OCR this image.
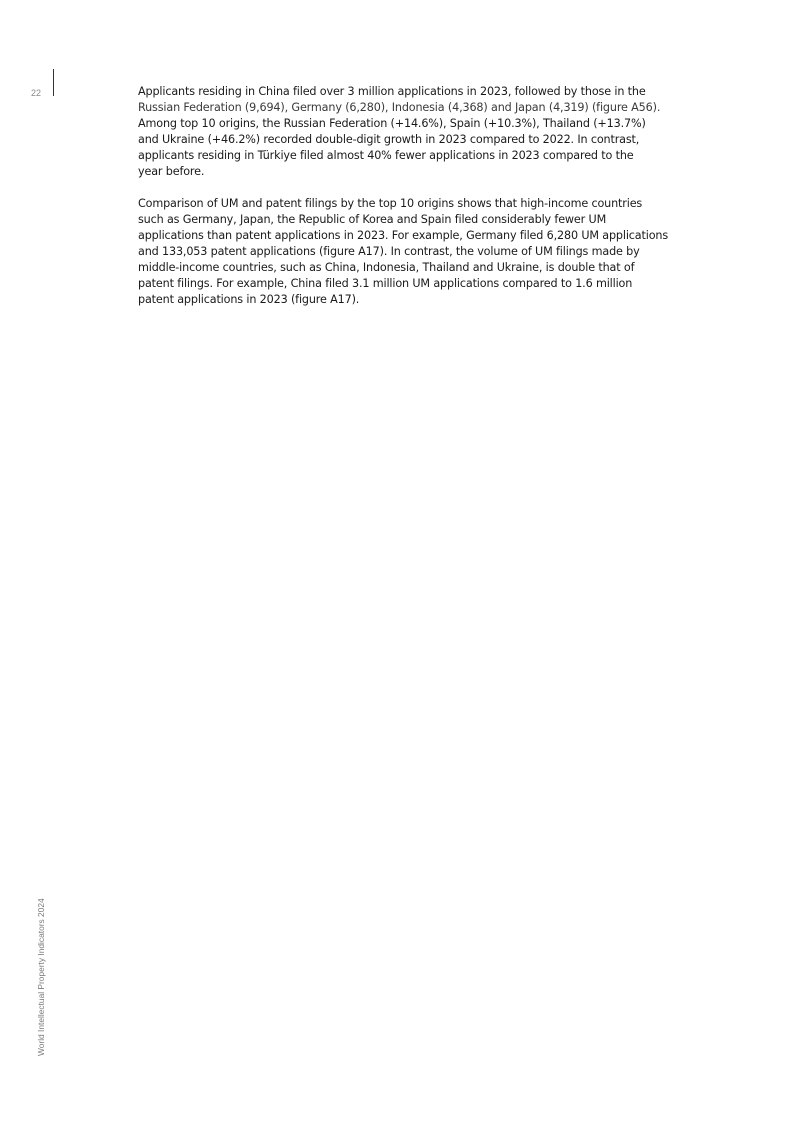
22	Applicants residing in China filed over 3 million applications in 2023, followed by those in the
Russian Federation (9,694), Germany (6,280), Indonesia (4,368) and Japan (4,319) (figure A56).
Among top 10 origins, the Russian Federation (+14.6%), Spain (+10.3%), Thailand (+13.7%)
and Ukraine (+46.2%) recorded double-digit growth in 2023 compared to 2022. In contrast,
applicants residing in Türkiye filed almost 40% fewer applications in 2023 compared to the
year before.
Comparison of UM and patent filings by the top 10 origins shows that high-income countries
such as Germany, Japan, the Republic of Korea and Spain filed considerably fewer UM
applications than patent applications in 2023. For example, Germany filed 6,280 UM applications
and 133,053 patent applications (figure A17). In contrast, the volume of UM filings made by
middle-income countries, such as China, Indonesia, Thailand and Ukraine, is double that of
patent filings. For example, China filed 3.1 million UM applications compared to 1.6 million
patent applications in 2023 (figure A17).
World Intellectual Property Indicators 2024
